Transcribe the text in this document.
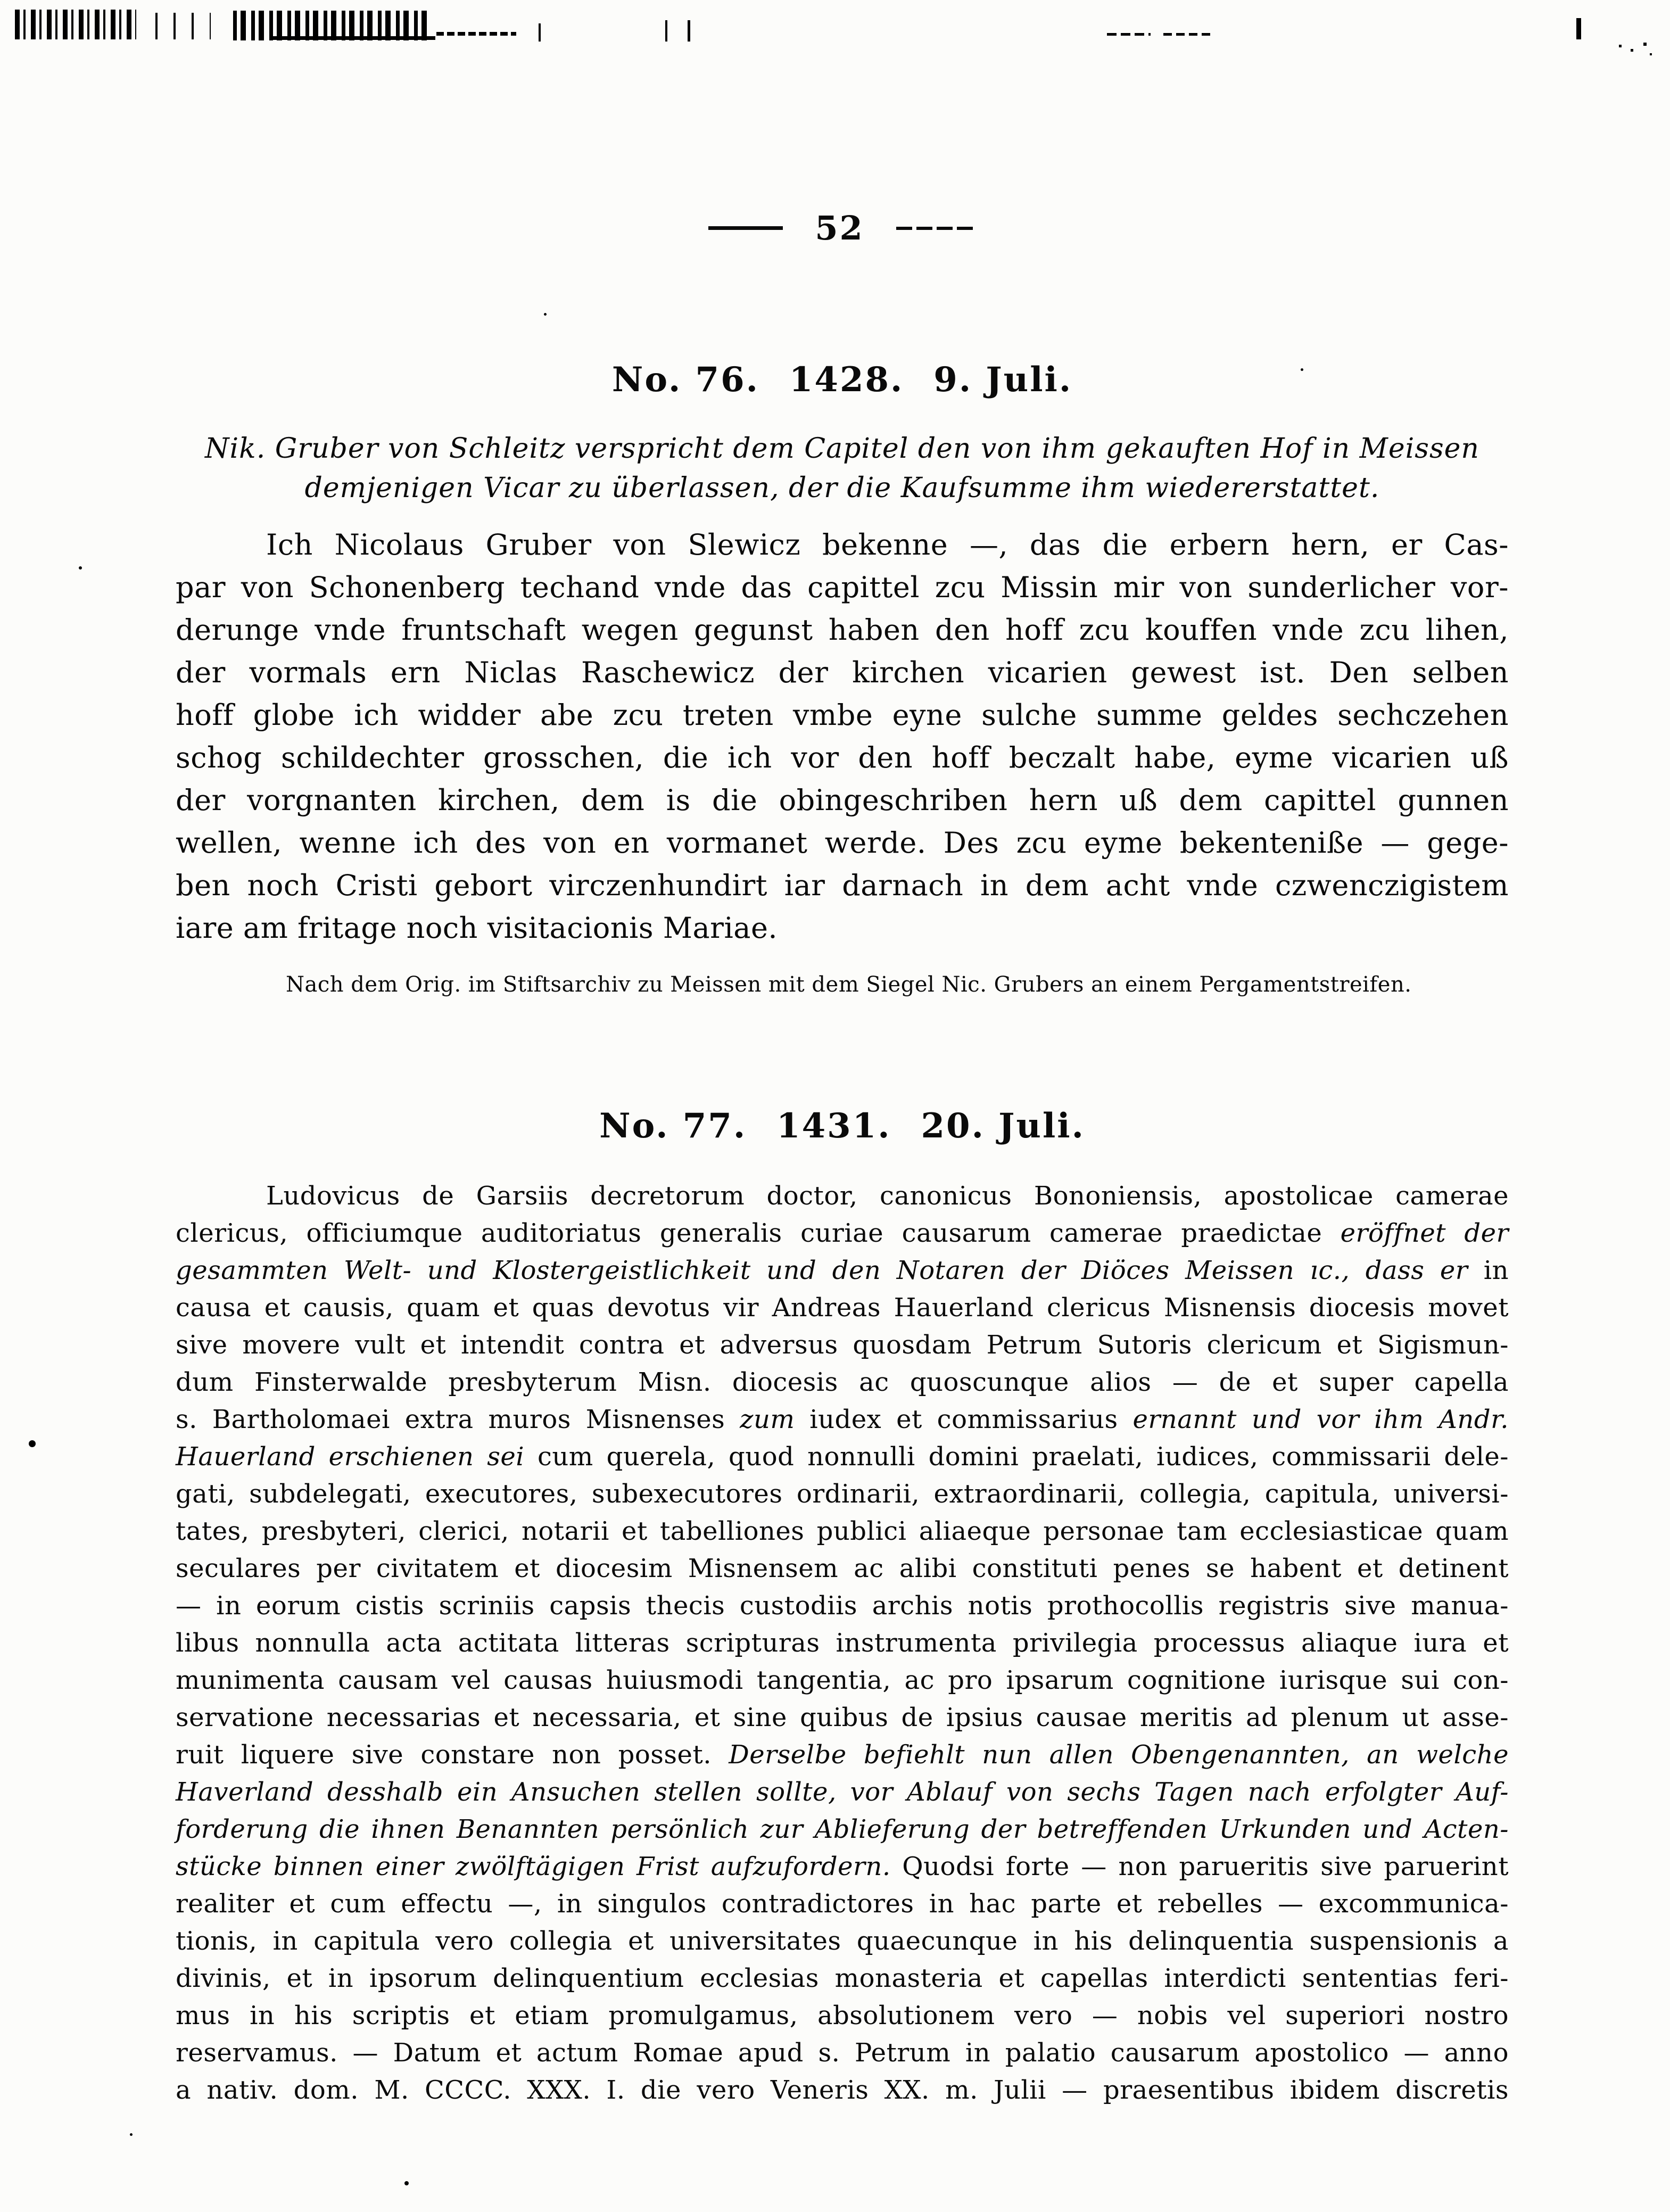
52
No. 76. 1428. 9. Juli.
Nik. Gruber von Schleitz verspricht dem Capitel den von ihm gekauften Hof in Meissen
demjenigen Vicar zu überlassen, der die Kaufsumme ihm wiedererstattet.
Ich Nicolaus Gruber von Slewicz bekenne —, das die erbern hern, er Cas-
par von Schonenberg techand vnde das capittel zcu Missin mir von sunderlicher vor-
derunge vnde fruntschaft wegen gegunst haben den hoff zcu kouffen vnde zcu lihen,
der vormals ern Niclas Raschewicz der kirchen vicarien gewest ist. Den selben
hoff globe ich widder abe zcu treten vmbe eyne sulche summe geldes sechczehen
schog schildechter grosschen, die ich vor den hoff beczalt habe, eyme vicarien uß
der vorgnanten kirchen, dem is die obingeschriben hern uß dem capittel gunnen
wellen, wenne ich des von en vormanet werde. Des zcu eyme bekenteniße — gege-
ben noch Cristi gebort virczenhundirt iar darnach in dem acht vnde czwenczigistem
iare am fritage noch visitacionis Mariae.
Nach dem Orig. im Stiftsarchiv zu Meissen mit dem Siegel Nic. Grubers an einem Pergamentstreifen.
No. 77. 1431. 20. Juli.
Ludovicus de Garsiis decretorum doctor, canonicus Bononiensis, apostolicae camerae
clericus, officiumque auditoriatus generalis curiae causarum camerae praedictae eröffnet der
gesammten Welt- und Klostergeistlichkeit und den Notaren der Diöces Meissen ıc., dass er in
causa et causis, quam et quas devotus vir Andreas Hauerland clericus Misnensis diocesis movet
sive movere vult et intendit contra et adversus quosdam Petrum Sutoris clericum et Sigismun-
dum Finsterwalde presbyterum Misn. diocesis ac quoscunque alios — de et super capella
s. Bartholomaei extra muros Misnenses zum iudex et commissarius ernannt und vor ihm Andr.
Hauerland erschienen sei cum querela, quod nonnulli domini praelati, iudices, commissarii dele-
gati, subdelegati, executores, subexecutores ordinarii, extraordinarii, collegia, capitula, universi-
tates, presbyteri, clerici, notarii et tabelliones publici aliaeque personae tam ecclesiasticae quam
seculares per civitatem et diocesim Misnensem ac alibi constituti penes se habent et detinent
— in eorum cistis scriniis capsis thecis custodiis archis notis prothocollis registris sive manua-
libus nonnulla acta actitata litteras scripturas instrumenta privilegia processus aliaque iura et
munimenta causam vel causas huiusmodi tangentia, ac pro ipsarum cognitione iurisque sui con-
servatione necessarias et necessaria, et sine quibus de ipsius causae meritis ad plenum ut asse-
ruit liquere sive constare non posset. Derselbe befiehlt nun allen Obengenannten, an welche
Haverland desshalb ein Ansuchen stellen sollte, vor Ablauf von sechs Tagen nach erfolgter Auf-
forderung die ihnen Benannten persönlich zur Ablieferung der betreffenden Urkunden und Acten-
stücke binnen einer zwölftägigen Frist aufzufordern. Quodsi forte — non parueritis sive paruerint
realiter et cum effectu —, in singulos contradictores in hac parte et rebelles — excommunica-
tionis, in capitula vero collegia et universitates quaecunque in his delinquentia suspensionis a
divinis, et in ipsorum delinquentium ecclesias monasteria et capellas interdicti sententias feri-
mus in his scriptis et etiam promulgamus, absolutionem vero — nobis vel superiori nostro
reservamus. — Datum et actum Romae apud s. Petrum in palatio causarum apostolico — anno
a nativ. dom. M. CCCC. XXX. I. die vero Veneris XX. m. Julii — praesentibus ibidem discretis
